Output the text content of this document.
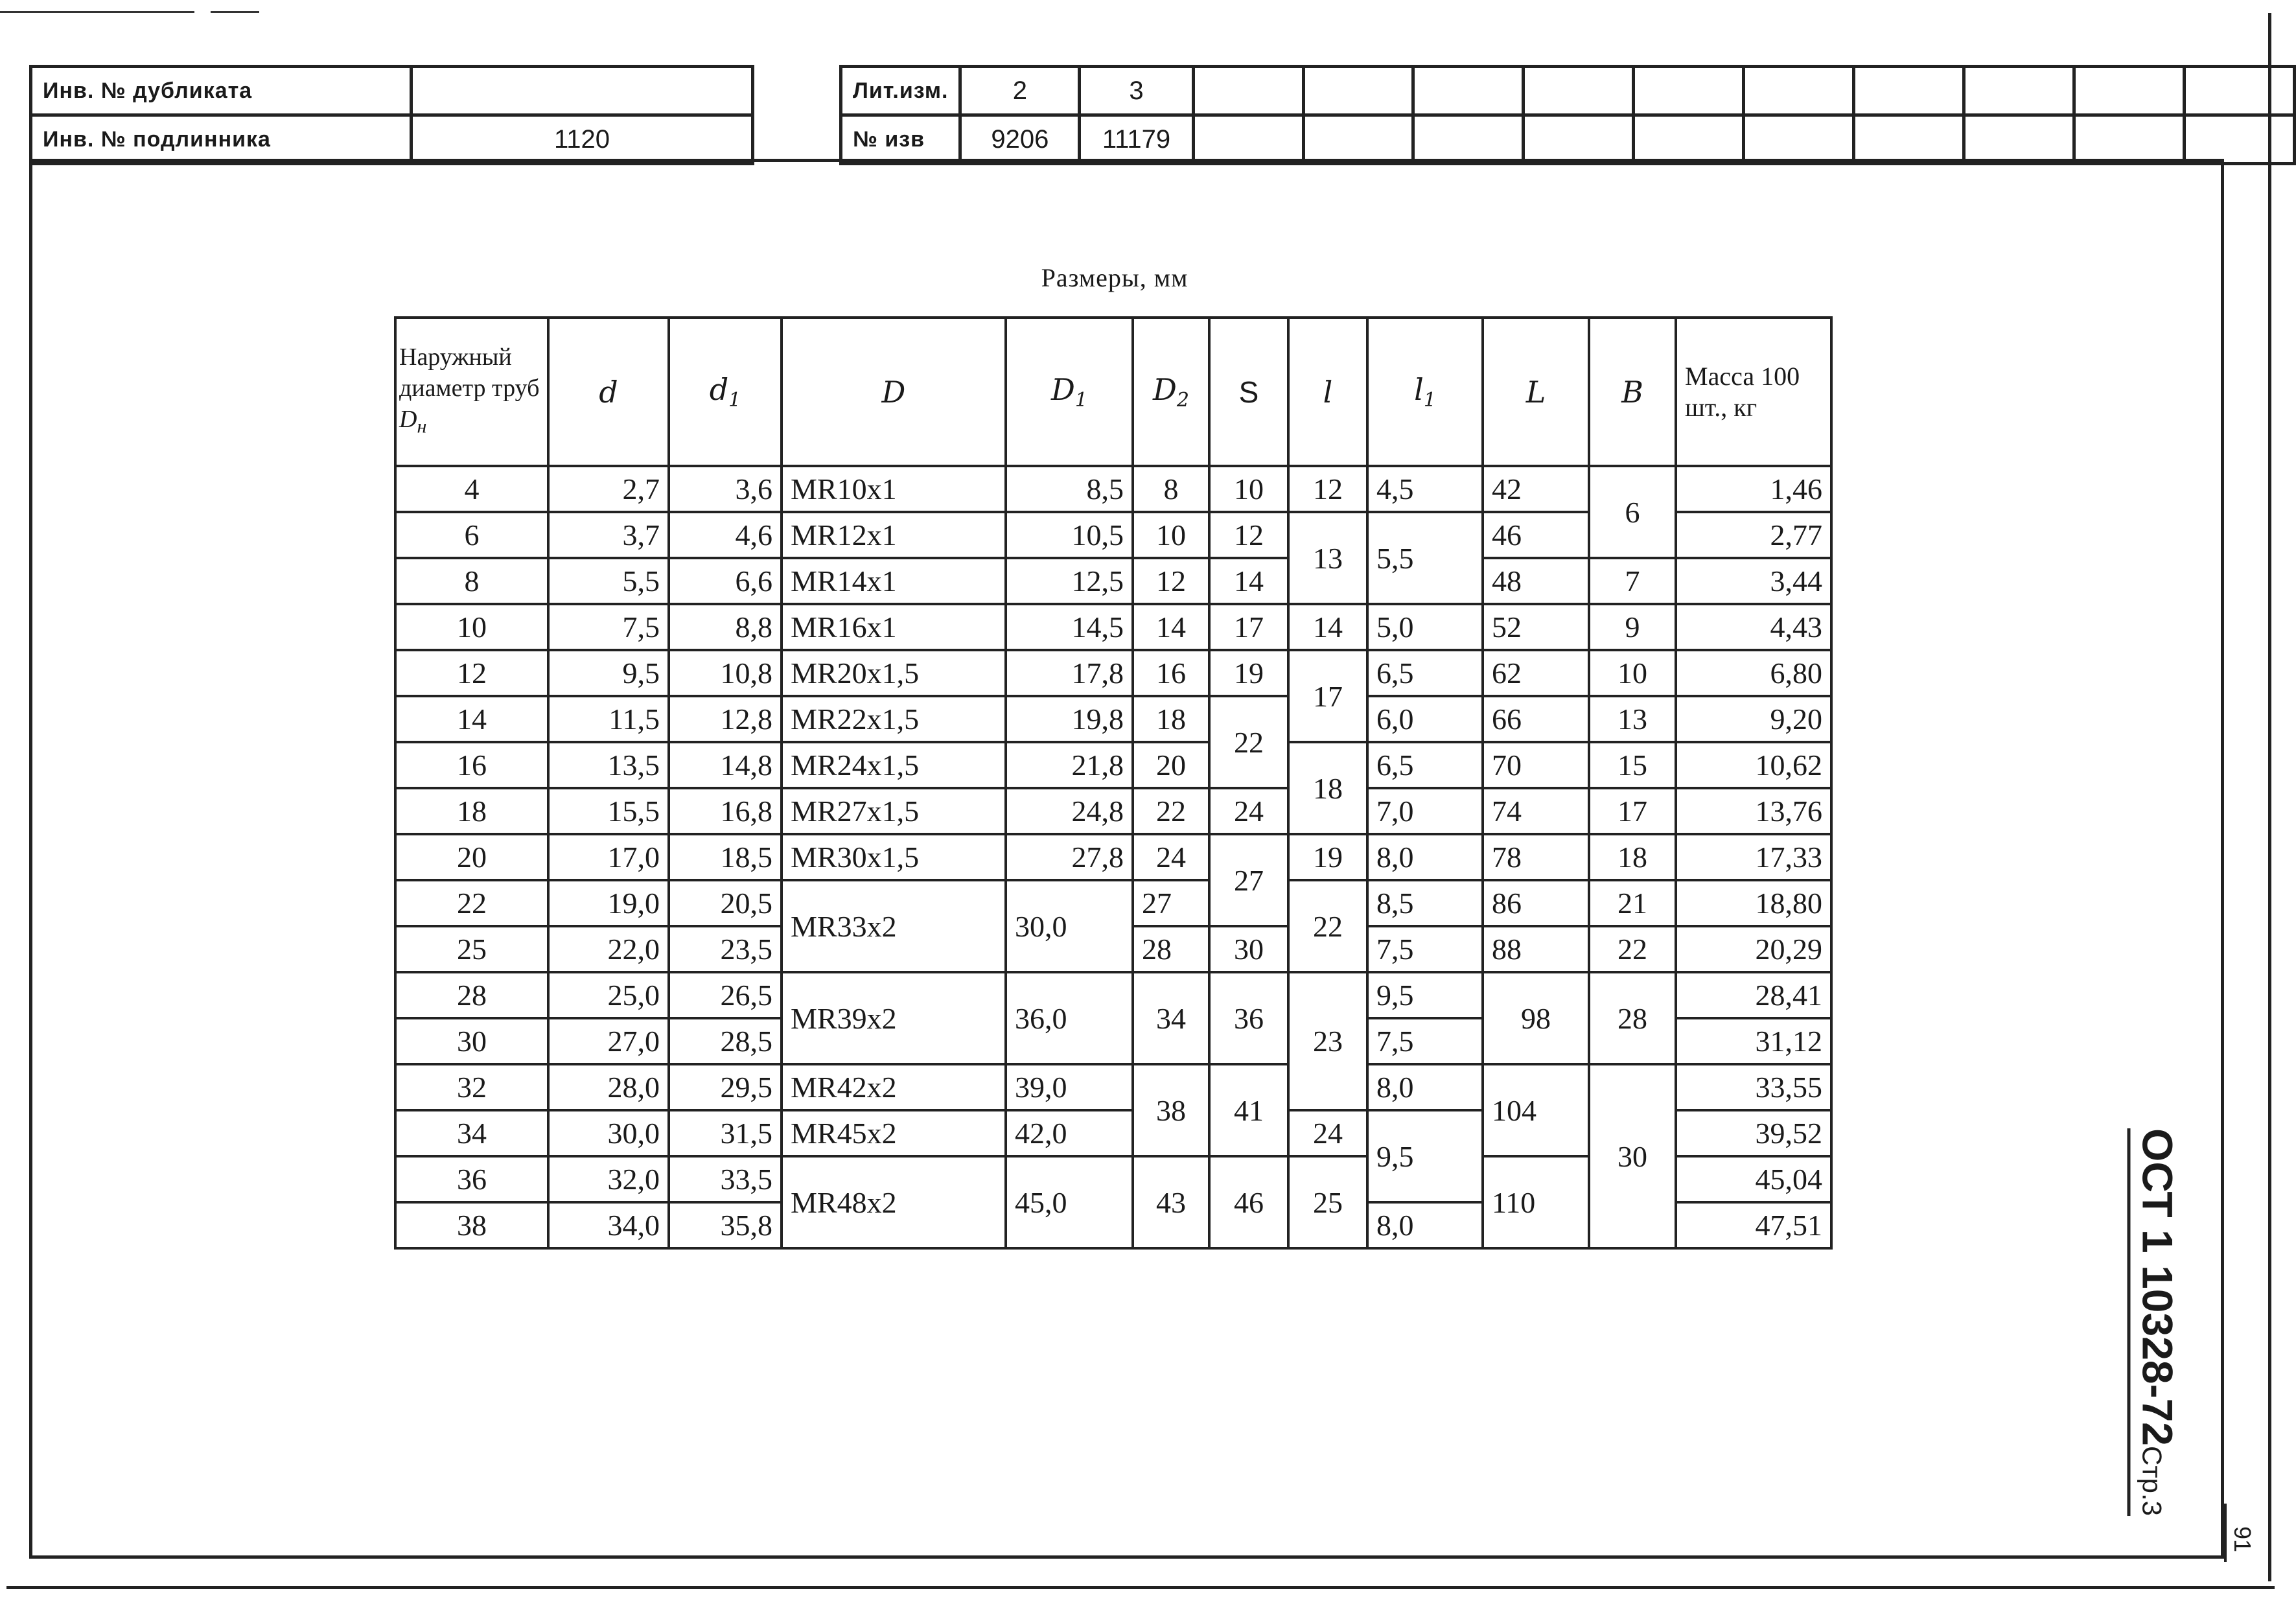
Инв. № дубликата	
Инв. № подлинника	1120
Лит.изм.	2	3										
№ изв	9206	11179										
Размеры, мм
Наружный диаметр труб
$D_н$	d	$d_1$	D	$D_1$	$D_2$	S	l	$l_1$	L	B	Масса 100 шт., кг
4	2,7	3,6	MR10x1	8,5	8	10	12	4,5	42	6	1,46
6	3,7	4,6	MR12x1	10,5	10	12	13	5,5	46		2,77
8	5,5	6,6	MR14x1	12,5	12	14			48	7	3,44
10	7,5	8,8	MR16x1	14,5	14	17	14	5,0	52	9	4,43
12	9,5	10,8	MR20x1,5	17,8	16	19	17	6,5	62	10	6,80
14	11,5	12,8	MR22x1,5	19,8	18	22		6,0	66	13	9,20
16	13,5	14,8	MR24x1,5	21,8	20		18	6,5	70	15	10,62
18	15,5	16,8	MR27x1,5	24,8	22	24		7,0	74	17	13,76
20	17,0	18,5	MR30x1,5	27,8	24	27	19	8,0	78	18	17,33
22	19,0	20,5	MR33x2	30,0	27		22	8,5	86	21	18,80
25	22,0	23,5			28	30		7,5	88	22	20,29
28	25,0	26,5	MR39x2	36,0	34	36	23	9,5	98	28	28,41
30	27,0	28,5						7,5			31,12
32	28,0	29,5	MR42x2	39,0	38	41		8,0	104	30	33,55
34	30,0	31,5	MR45x2	42,0			24	9,5			39,52
36	32,0	33,5	MR48x2	45,0	43	46	25		110		45,04
38	34,0	35,8						8,0			47,51	ОСТ 1 10328-72Стр.3
91
